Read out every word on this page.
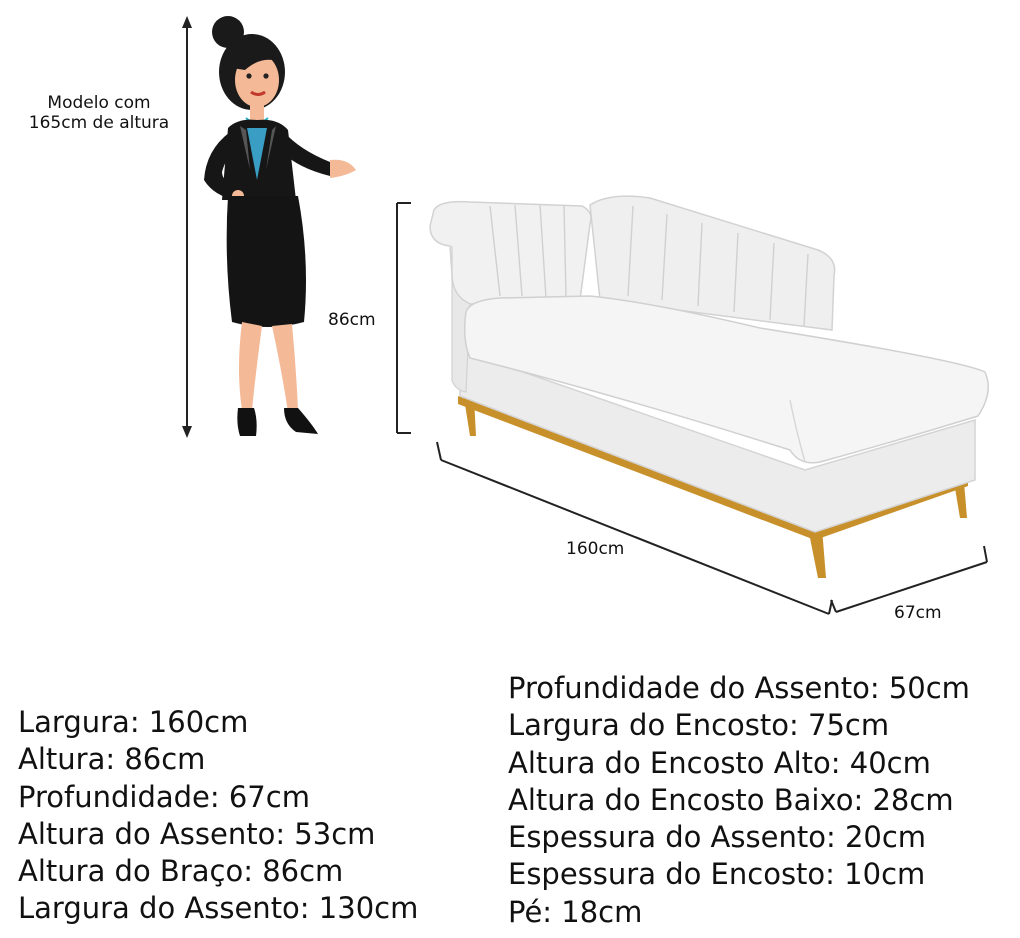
Modelo com
165cm de altura
86cm
160cm
67cm
Largura: 160cm
Altura: 86cm
Profundidade: 67cm
Altura do Assento: 53cm
Altura do Braço: 86cm
Largura do Assento: 130cm
Profundidade do Assento: 50cm
Largura do Encosto: 75cm
Altura do Encosto Alto: 40cm
Altura do Encosto Baixo: 28cm
Espessura do Assento: 20cm
Espessura do Encosto: 10cm
Pé: 18cm
